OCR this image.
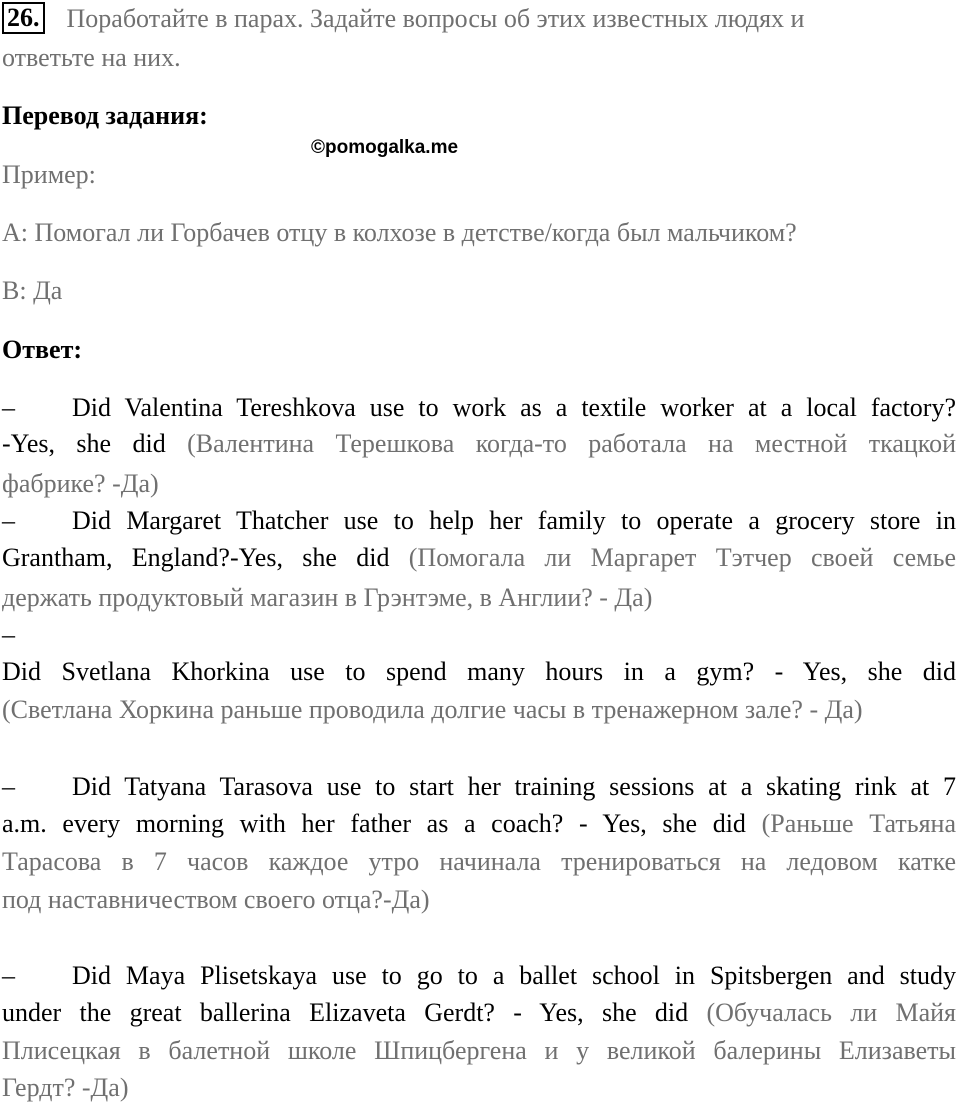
26. Поработайте в парах. Задайте вопросы об этих известных людях и
ответьте на них.
Перевод задания:
©pomogalka.me
Пример:
А: Помогал ли Горбачев отцу в колхозе в детстве/когда был мальчиком?
В: Да
Ответ:
– Did Valentina Tereshkova use to work as a textile worker at a local factory?
-Yes, she did (Валентина Терешкова когда-то работала на местной ткацкой
фабрике? -Да)
– Did Margaret Thatcher use to help her family to operate a grocery store in
Grantham, England?-Yes, she did (Помогала ли Маргарет Тэтчер своей семье
держать продуктовый магазин в Грэнтэме, в Англии? - Да)
–
Did Svetlana Khorkina use to spend many hours in a gym? - Yes, she did
(Светлана Хоркина раньше проводила долгие часы в тренажерном зале? - Да)
– Did Tatyana Tarasova use to start her training sessions at a skating rink at 7
a.m. every morning with her father as a coach? - Yes, she did (Раньше Татьяна
Тарасова в 7 часов каждое утро начинала тренироваться на ледовом катке
под наставничеством своего отца?-Да)
– Did Maya Plisetskaya use to go to a ballet school in Spitsbergen and study
under the great ballerina Elizaveta Gerdt? - Yes, she did (Обучалась ли Майя
Плисецкая в балетной школе Шпицбергена и у великой балерины Елизаветы
Гердт? -Да)
